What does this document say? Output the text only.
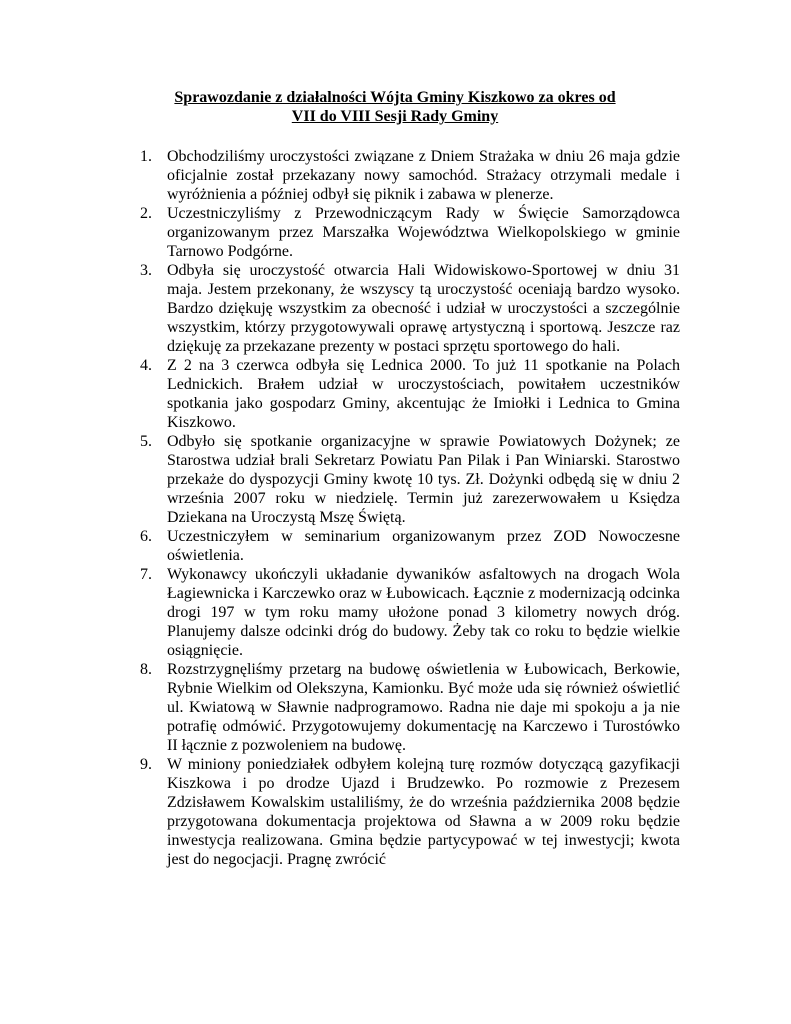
Sprawozdanie z działalności Wójta Gminy Kiszkowo za okres od
VII do VIII Sesji Rady Gminy
1. Obchodziliśmy uroczystości związane z Dniem Strażaka w dniu 26 maja gdzie oficjalnie został przekazany nowy samochód. Strażacy otrzymali medale i wyróżnienia a później odbył się piknik i zabawa w plenerze.
2. Uczestniczyliśmy z Przewodniczącym Rady w Święcie Samorządowca organizowanym przez Marszałka Województwa Wielkopolskiego w gminie Tarnowo Podgórne.
3. Odbyła się uroczystość otwarcia Hali Widowiskowo-Sportowej w dniu 31 maja. Jestem przekonany, że wszyscy tą uroczystość oceniają bardzo wysoko. Bardzo dziękuję wszystkim za obecność i udział w uroczystości a szczególnie wszystkim, którzy przygotowywali oprawę artystyczną i sportową. Jeszcze raz dziękuję za przekazane prezenty w postaci sprzętu sportowego do hali.
4. Z 2 na 3 czerwca odbyła się Lednica 2000. To już 11 spotkanie na Polach Lednickich. Brałem udział w uroczystościach, powitałem uczestników spotkania jako gospodarz Gminy, akcentując że Imiołki i Lednica to Gmina Kiszkowo.
5. Odbyło się spotkanie organizacyjne w sprawie Powiatowych Dożynek; ze Starostwa udział brali Sekretarz Powiatu Pan Pilak i Pan Winiarski. Starostwo przekaże do dyspozycji Gminy kwotę 10 tys. Zł. Dożynki odbędą się w dniu 2 września 2007 roku w niedzielę. Termin już zarezerwowałem u Księdza Dziekana na Uroczystą Mszę Świętą.
6. Uczestniczyłem w seminarium organizowanym przez ZOD Nowoczesne oświetlenia.
7. Wykonawcy ukończyli układanie dywaników asfaltowych na drogach Wola Łagiewnicka i Karczewko oraz w Łubowicach. Łącznie z modernizacją odcinka drogi 197 w tym roku mamy ułożone ponad 3 kilometry nowych dróg. Planujemy dalsze odcinki dróg do budowy. Żeby tak co roku to będzie wielkie osiągnięcie.
8. Rozstrzygnęliśmy przetarg na budowę oświetlenia w Łubowicach, Berkowie, Rybnie Wielkim od Olekszyna, Kamionku. Być może uda się również oświetlić ul. Kwiatową w Sławnie nadprogramowo. Radna nie daje mi spokoju a ja nie potrafię odmówić. Przygotowujemy dokumentację na Karczewo i Turostówko II łącznie z pozwoleniem na budowę.
9. W miniony poniedziałek odbyłem kolejną turę rozmów dotyczącą gazyfikacji Kiszkowa i po drodze Ujazd i Brudzewko. Po rozmowie z Prezesem Zdzisławem Kowalskim ustaliliśmy, że do września października 2008 będzie przygotowana dokumentacja projektowa od Sławna a w 2009 roku będzie inwestycja realizowana. Gmina będzie partycypować w tej inwestycji; kwota jest do negocjacji. Pragnę zwrócić
